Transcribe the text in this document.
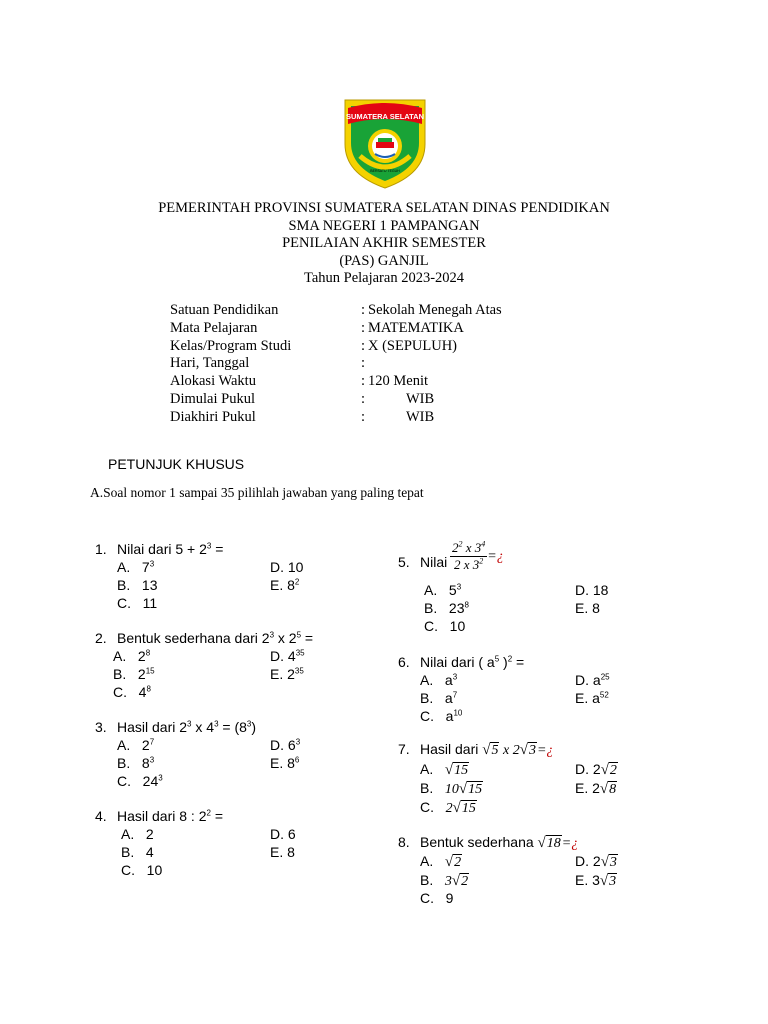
SUMATERA SELATAN
BERSATU TEGUH
PEMERINTAH PROVINSI SUMATERA SELATAN DINAS PENDIDIKAN
SMA NEGERI 1 PAMPANGAN
PENILAIAN AKHIR SEMESTER
(PAS) GANJIL
Tahun Pelajaran 2023-2024
Satuan Pendidikan	: Sekolah Menegah Atas
Mata Pelajaran	: MATEMATIKA
Kelas/Program Studi	: X (SEPULUH)
Hari, Tanggal	:
Alokasi Waktu	: 120 Menit
Dimulai Pukul	:	WIB
Diakhiri Pukul	:	WIB
PETUNJUK KHUSUS
A.Soal nomor 1 sampai 35 pilihlah jawaban yang paling tepat
1. Nilai dari $5 + 2^3$ =
A. $7^3$
B. 13
C. 11
D. 10
E. $8^2$
2. Bentuk sederhana dari $2^3$ x $2^5$ =
A. $2^8$
B. $2^{15}$
C. $4^8$
D. $4^{35}$
E. $2^{35}$
3. Hasil dari $2^3$ x $4^3 = (8^3)$
A. $2^7$
B. $8^3$
C. $24^3$
D. $6^3$
E. $8^6$
4. Hasil dari 8 : $2^2$ =
A. 2
B. 4
C. 10
D. 6
E. 8
5. Nilai $\frac{2^2 x 3^4}{2 x 3^2}$ =¿
A. $5^3$
B. $23^8$
C. 10
D. 18
E. 8
6. Nilai dari ( $a^5$ )$^2$ =
A. $a^3$
B. $a^7$
C. $a^{10}$
D. $a^{25}$
E. $a^{52}$
7. Hasil dari √5 x 2√3=¿
A. √15
B. 10√15
C. 2√15
D. 2√2
E. 2√8
8. Bentuk sederhana √18=¿
A. √2
B. 3√2
C. 9
D. 2√3
E. 3√3
